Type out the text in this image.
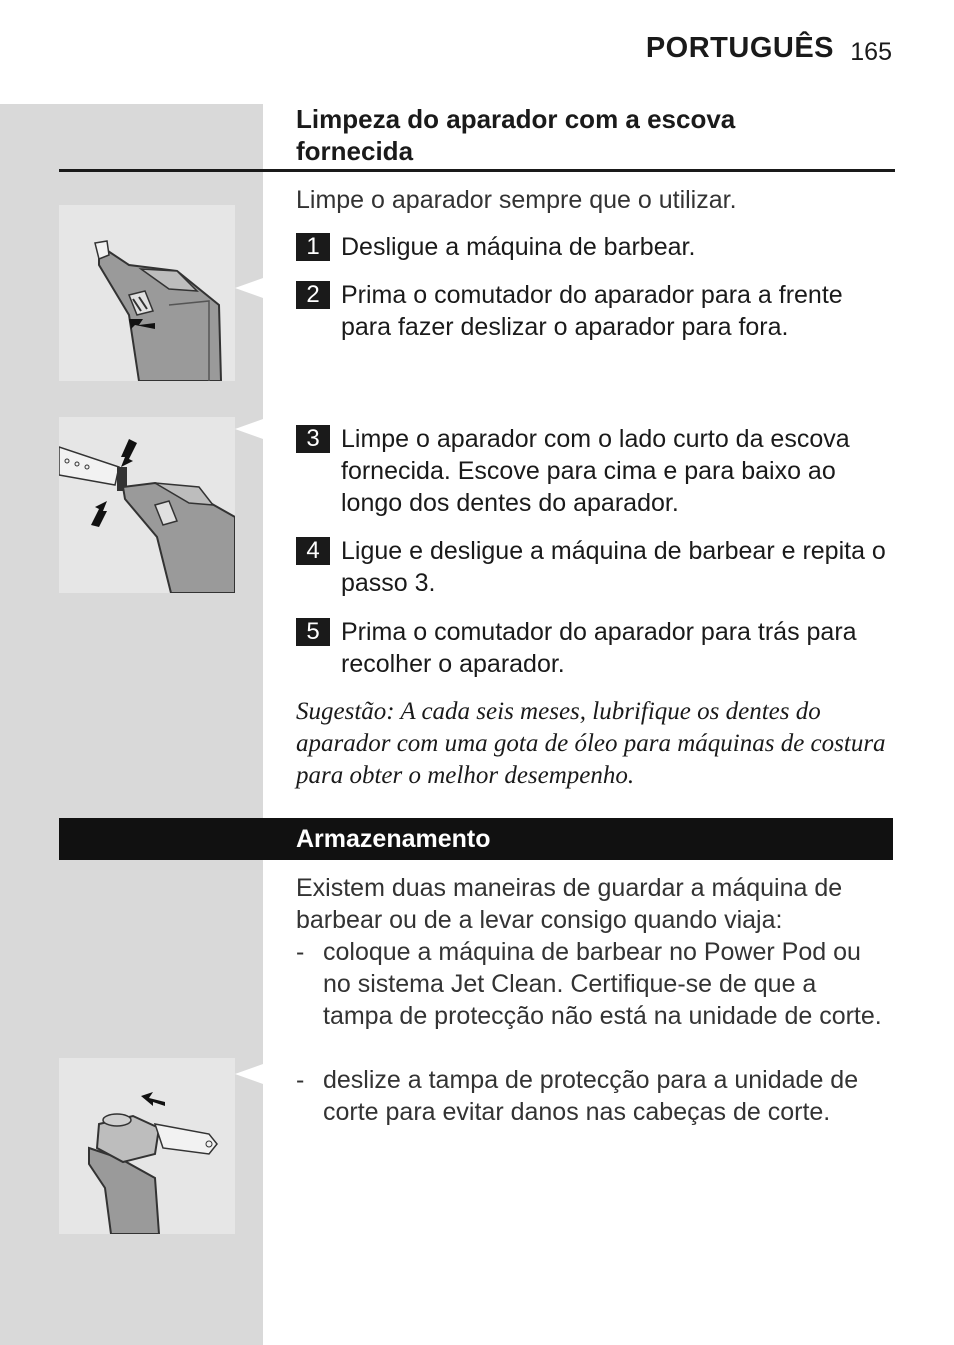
PORTUGUÊS 165
Limpeza do aparador com a escova fornecida
Limpe o aparador sempre que o utilizar.
1 Desligue a máquina de barbear.
2 Prima o comutador do aparador para a frente para fazer deslizar o aparador para fora.
3 Limpe o aparador com o lado curto da escova fornecida. Escove para cima e para baixo ao longo dos dentes do aparador.
4 Ligue e desligue a máquina de barbear e repita o passo 3.
5 Prima o comutador do aparador para trás para recolher o aparador.
Sugestão: A cada seis meses, lubrifique os dentes do aparador com uma gota de óleo para máquinas de costura para obter o melhor desempenho.
Armazenamento
Existem duas maneiras de guardar a máquina de barbear ou de a levar consigo quando viaja:
- coloque a máquina de barbear no Power Pod ou no sistema Jet Clean. Certifique-se de que a tampa de protecção não está na unidade de corte.
- deslize a tampa de protecção para a unidade de corte para evitar danos nas cabeças de corte.
